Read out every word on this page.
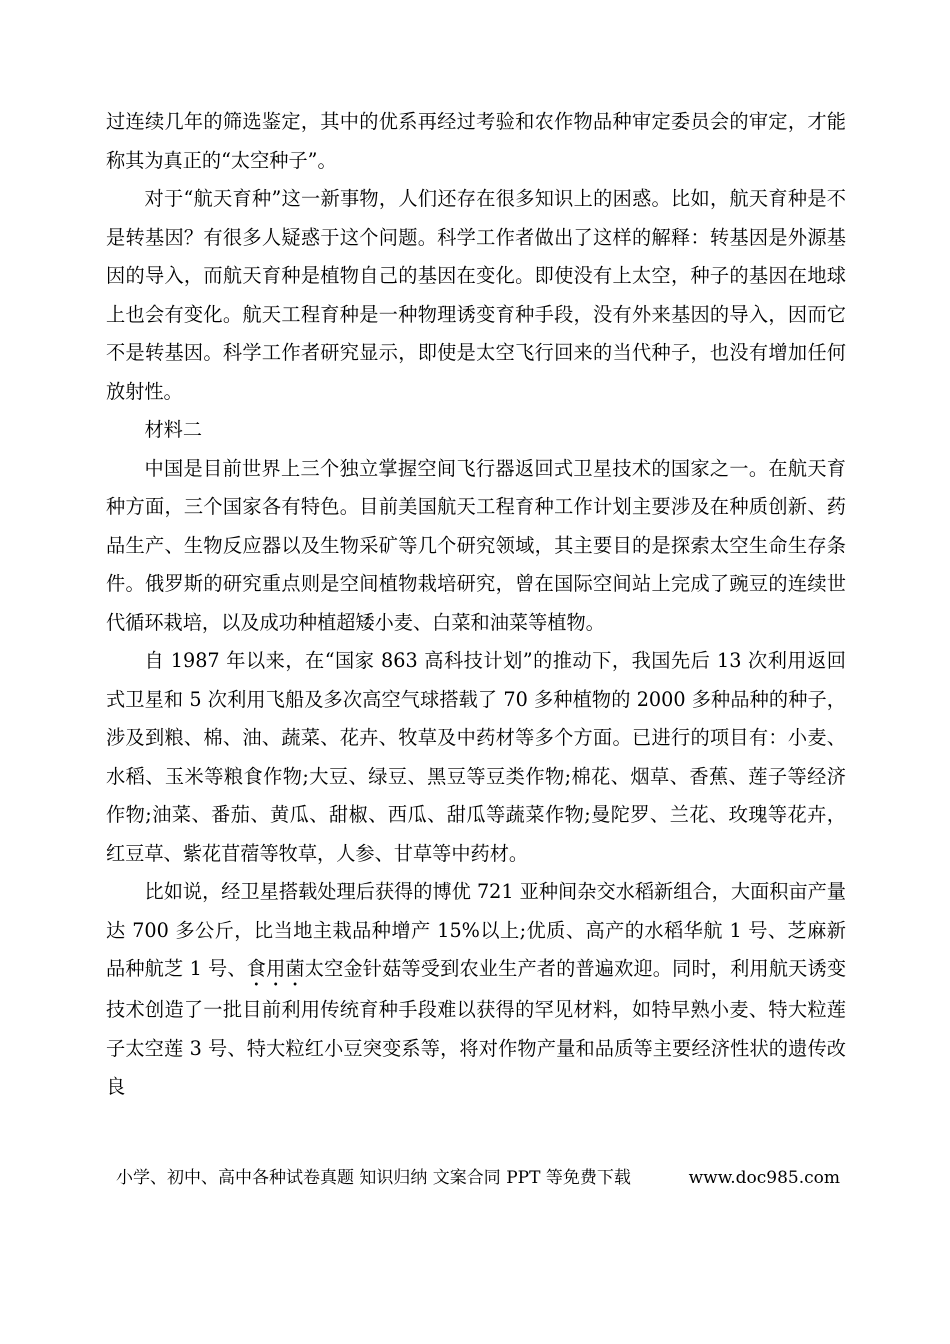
过连续几年的筛选鉴定，其中的优系再经过考验和农作物品种审定委员会的审定，才能称其为真正的“太空种子”。

对于“航天育种”这一新事物，人们还存在很多知识上的困惑。比如，航天育种是不是转基因？有很多人疑惑于这个问题。科学工作者做出了这样的解释：转基因是外源基因的导入，而航天育种是植物自己的基因在变化。即使没有上太空，种子的基因在地球上也会有变化。航天工程育种是一种物理诱变育种手段，没有外来基因的导入，因而它不是转基因。科学工作者研究显示，即使是太空飞行回来的当代种子，也没有增加任何放射性。

材料二

中国是目前世界上三个独立掌握空间飞行器返回式卫星技术的国家之一。在航天育种方面，三个国家各有特色。目前美国航天工程育种工作计划主要涉及在种质创新、药品生产、生物反应器以及生物采矿等几个研究领域，其主要目的是探索太空生命生存条件。俄罗斯的研究重点则是空间植物栽培研究，曾在国际空间站上完成了豌豆的连续世代循环栽培，以及成功种植超矮小麦、白菜和油菜等植物。

自 1987 年以来，在“国家 863 高科技计划”的推动下，我国先后 13 次利用返回式卫星和 5 次利用飞船及多次高空气球搭载了 70 多种植物的 2000 多种品种的种子，涉及到粮、棉、油、蔬菜、花卉、牧草及中药材等多个方面。已进行的项目有：小麦、水稻、玉米等粮食作物;大豆、绿豆、黑豆等豆类作物;棉花、烟草、香蕉、莲子等经济作物;油菜、番茄、黄瓜、甜椒、西瓜、甜瓜等蔬菜作物;曼陀罗、兰花、玫瑰等花卉，红豆草、紫花苜蓿等牧草，人参、甘草等中药材。

比如说，经卫星搭载处理后获得的博优 721 亚种间杂交水稻新组合，大面积亩产量达 700 多公斤，比当地主栽品种增产 15%以上;优质、高产的水稻华航 1 号、芝麻新品种航芝 1 号、食用菌太空金针菇等受到农业生产者的普遍欢迎。同时，利用航天诱变技术创造了一批目前利用传统育种手段难以获得的罕见材料，如特早熟小麦、特大粒莲子太空莲 3 号、特大粒红小豆突变系等，将对作物产量和品质等主要经济性状的遗传改良

小学、初中、高中各种试卷真题 知识归纳 文案合同 PPT 等免费下载	www.doc985.com
